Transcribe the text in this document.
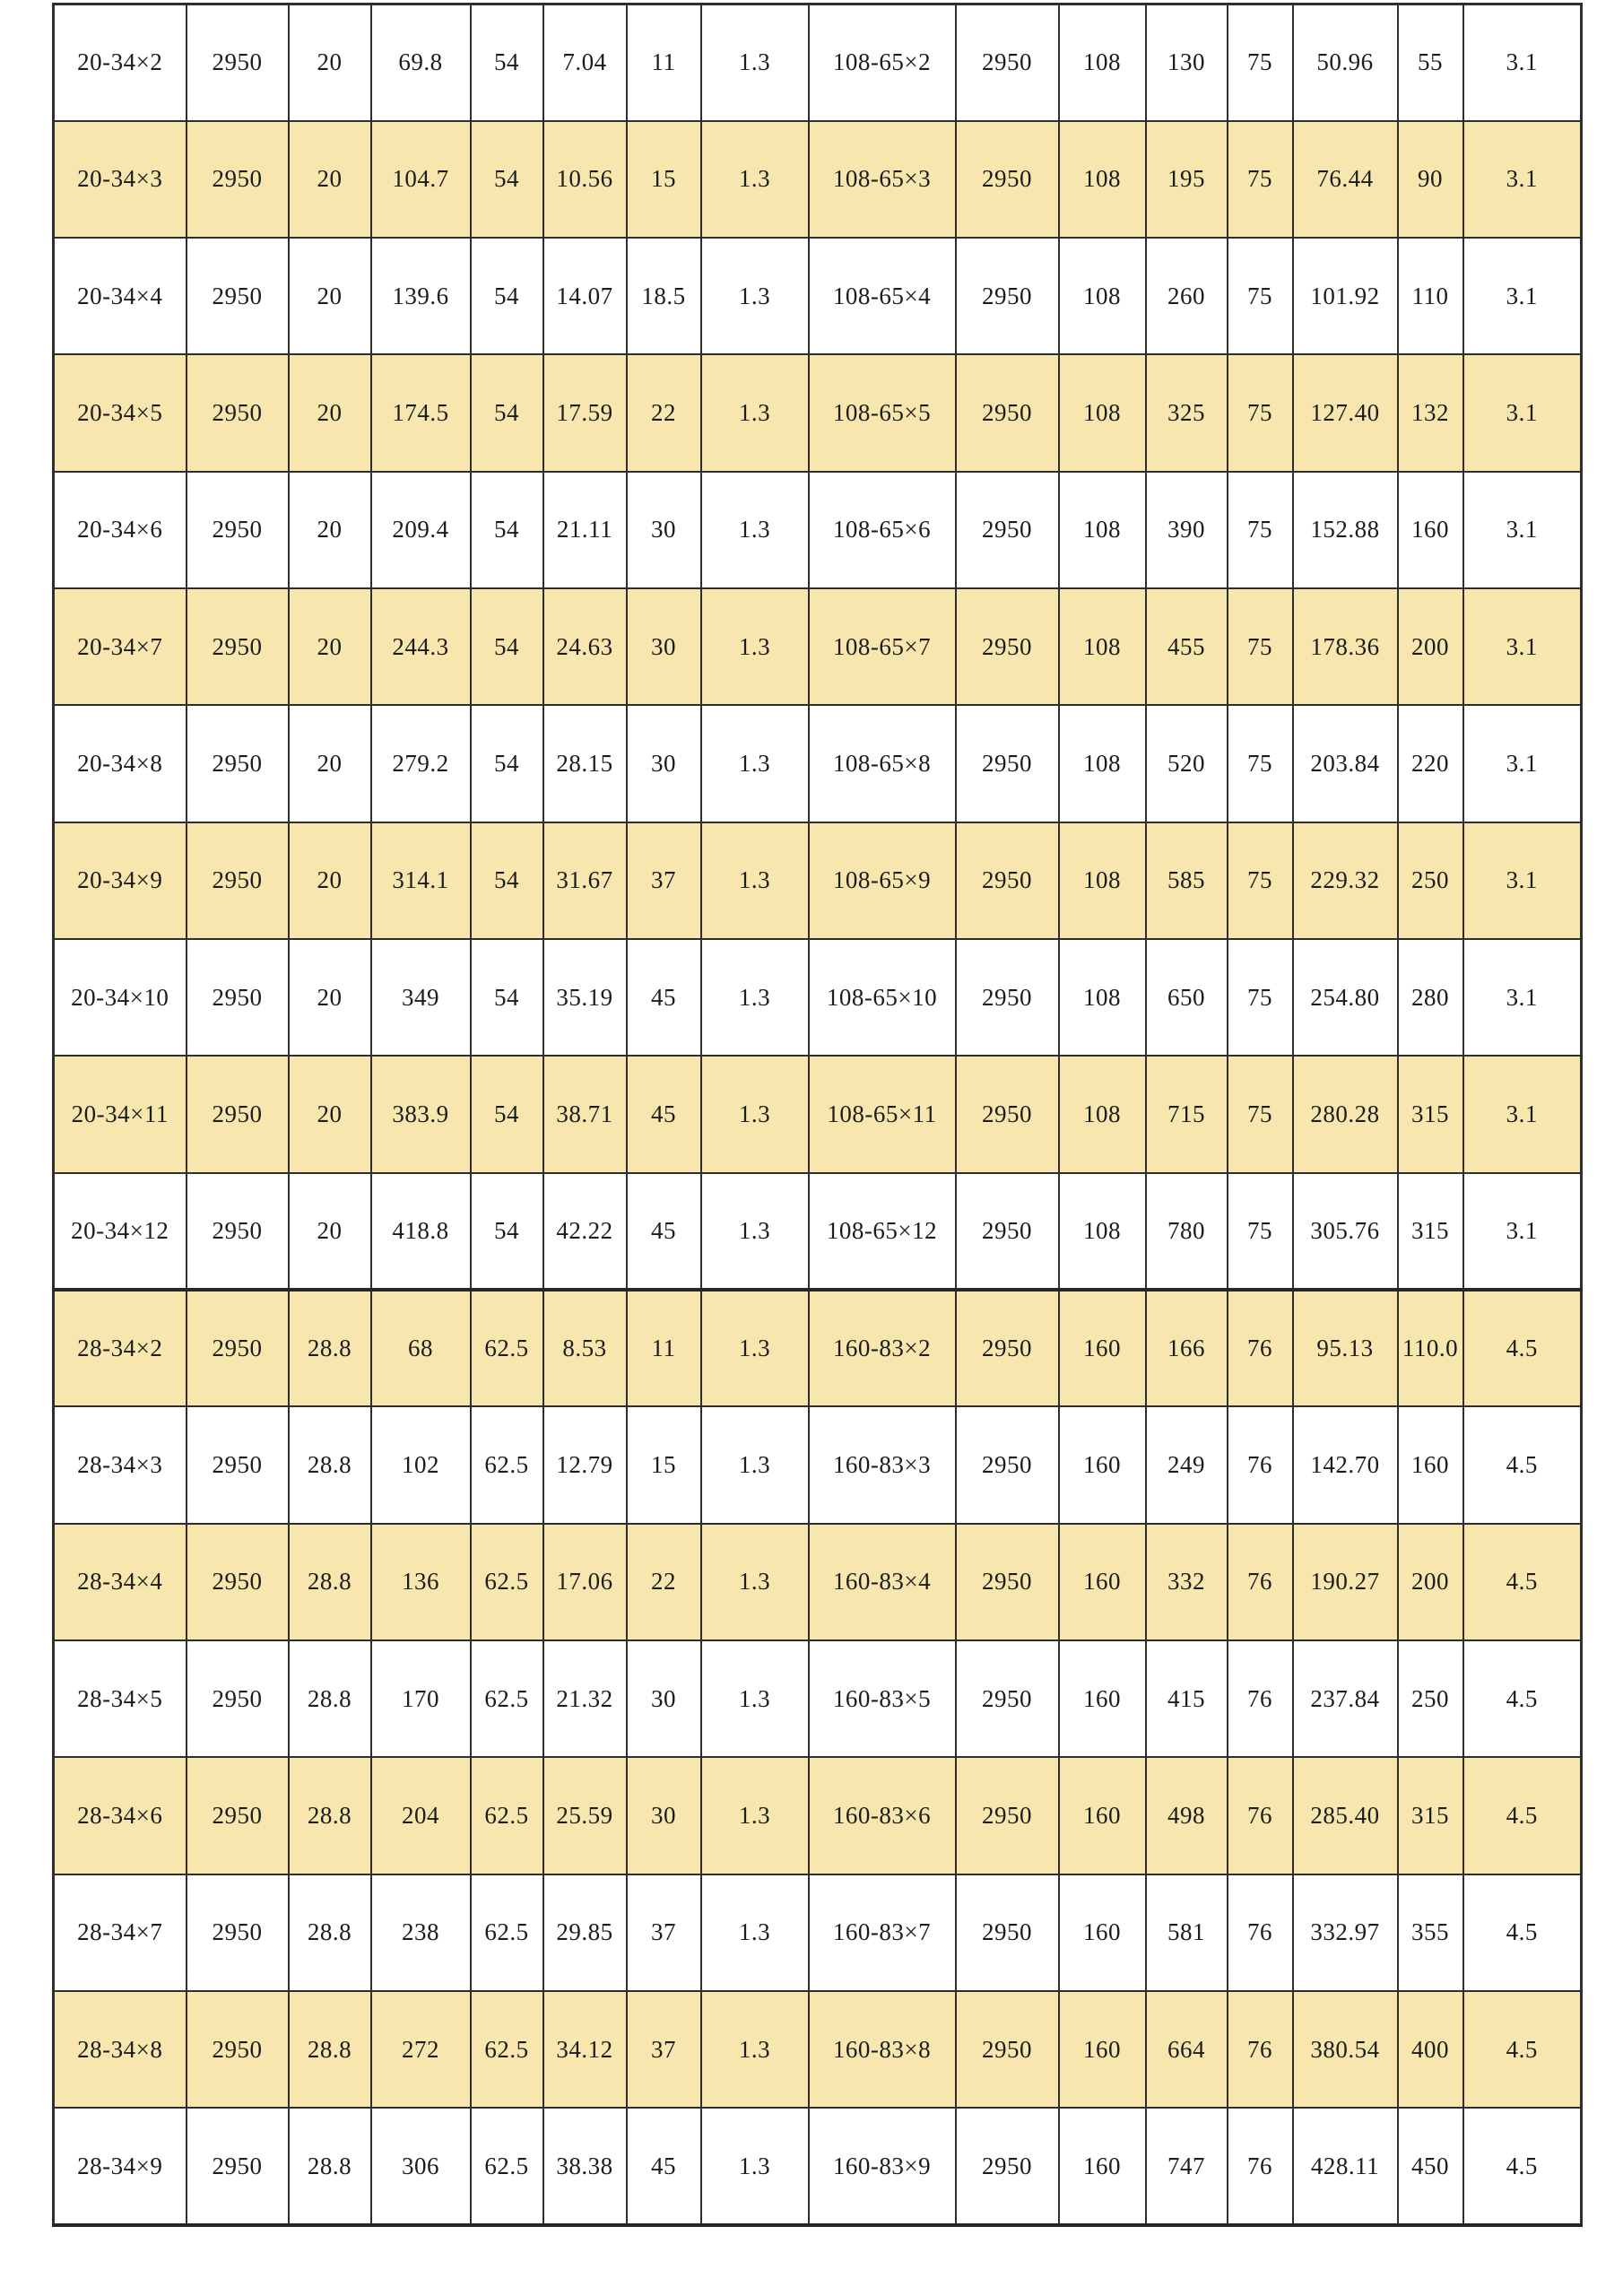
20-34×2	2950	20	69.8	54	7.04	11	1.3	108-65×2	2950	108	130	75	50.96	55	3.1
20-34×3	2950	20	104.7	54	10.56	15	1.3	108-65×3	2950	108	195	75	76.44	90	3.1
20-34×4	2950	20	139.6	54	14.07	18.5	1.3	108-65×4	2950	108	260	75	101.92	110	3.1
20-34×5	2950	20	174.5	54	17.59	22	1.3	108-65×5	2950	108	325	75	127.40	132	3.1
20-34×6	2950	20	209.4	54	21.11	30	1.3	108-65×6	2950	108	390	75	152.88	160	3.1
20-34×7	2950	20	244.3	54	24.63	30	1.3	108-65×7	2950	108	455	75	178.36	200	3.1
20-34×8	2950	20	279.2	54	28.15	30	1.3	108-65×8	2950	108	520	75	203.84	220	3.1
20-34×9	2950	20	314.1	54	31.67	37	1.3	108-65×9	2950	108	585	75	229.32	250	3.1
20-34×10	2950	20	349	54	35.19	45	1.3	108-65×10	2950	108	650	75	254.80	280	3.1
20-34×11	2950	20	383.9	54	38.71	45	1.3	108-65×11	2950	108	715	75	280.28	315	3.1
20-34×12	2950	20	418.8	54	42.22	45	1.3	108-65×12	2950	108	780	75	305.76	315	3.1
28-34×2	2950	28.8	68	62.5	8.53	11	1.3	160-83×2	2950	160	166	76	95.13	110.0	4.5
28-34×3	2950	28.8	102	62.5	12.79	15	1.3	160-83×3	2950	160	249	76	142.70	160	4.5
28-34×4	2950	28.8	136	62.5	17.06	22	1.3	160-83×4	2950	160	332	76	190.27	200	4.5
28-34×5	2950	28.8	170	62.5	21.32	30	1.3	160-83×5	2950	160	415	76	237.84	250	4.5
28-34×6	2950	28.8	204	62.5	25.59	30	1.3	160-83×6	2950	160	498	76	285.40	315	4.5
28-34×7	2950	28.8	238	62.5	29.85	37	1.3	160-83×7	2950	160	581	76	332.97	355	4.5
28-34×8	2950	28.8	272	62.5	34.12	37	1.3	160-83×8	2950	160	664	76	380.54	400	4.5
28-34×9	2950	28.8	306	62.5	38.38	45	1.3	160-83×9	2950	160	747	76	428.11	450	4.5
